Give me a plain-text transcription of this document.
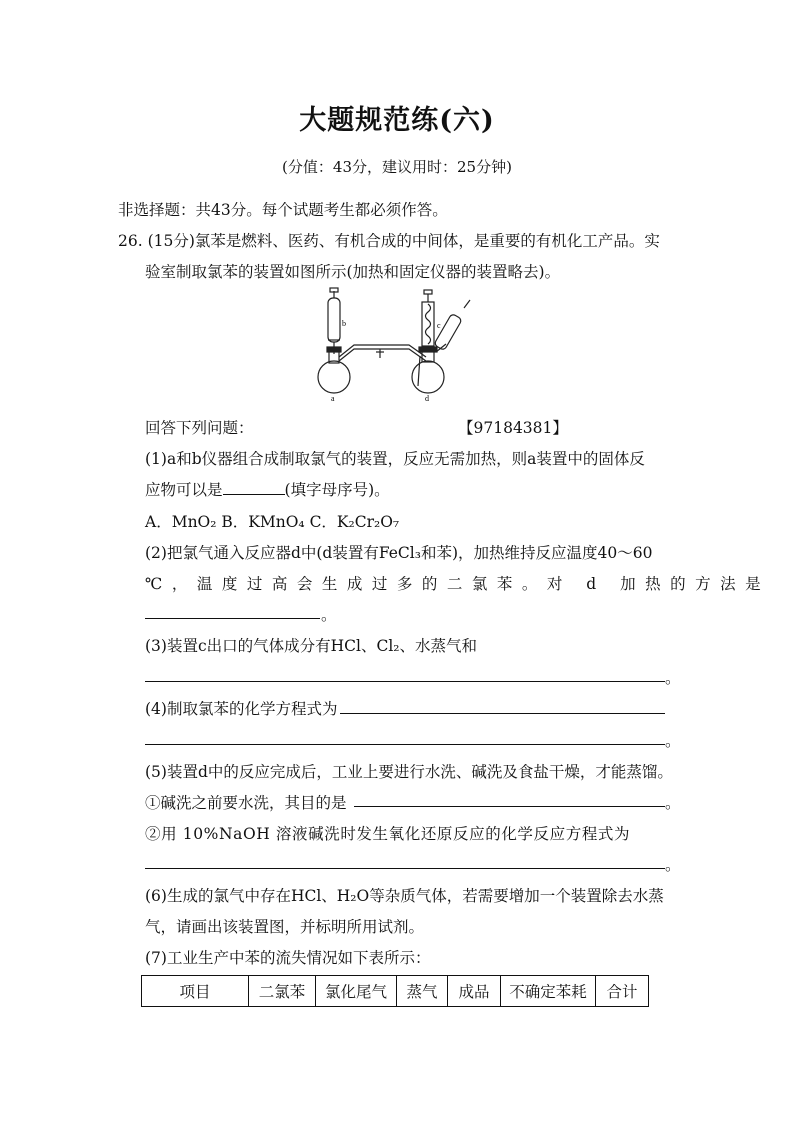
大题规范练(六)
(分值：43分，建议用时：25分钟)
非选择题：共43分。每个试题考生都必须作答。
26. (15分)氯苯是燃料、医药、有机合成的中间体，是重要的有机化工产品。实
验室制取氯苯的装置如图所示(加热和固定仪器的装置略去)。
b	c
a	d
回答下列问题：	【97184381】
(1)a和b仪器组合成制取氯气的装置，反应无需加热，则a装置中的固体反
应物可以是	(填字母序号)。
A．MnO₂ B．KMnO₄ C．K₂Cr₂O₇
(2)把氯气通入反应器d中(d装置有FeCl₃和苯)，加热维持反应温度40～60
℃，温度过高会生成过多的二氯苯。对 d 加热的方法是
。
(3)装置c出口的气体成分有HCl、Cl₂、水蒸气和
。
(4)制取氯苯的化学方程式为
。
(5)装置d中的反应完成后，工业上要进行水洗、碱洗及食盐干燥，才能蒸馏。
①碱洗之前要水洗，其目的是	。
②用 10%NaOH 溶液碱洗时发生氧化还原反应的化学反应方程式为
。
(6)生成的氯气中存在HCl、H₂O等杂质气体，若需要增加一个装置除去水蒸
气，请画出该装置图，并标明所用试剂。
(7)工业生产中苯的流失情况如下表所示：
项目	二氯苯	氯化尾气	蒸气	成品	不确定苯耗	合计
